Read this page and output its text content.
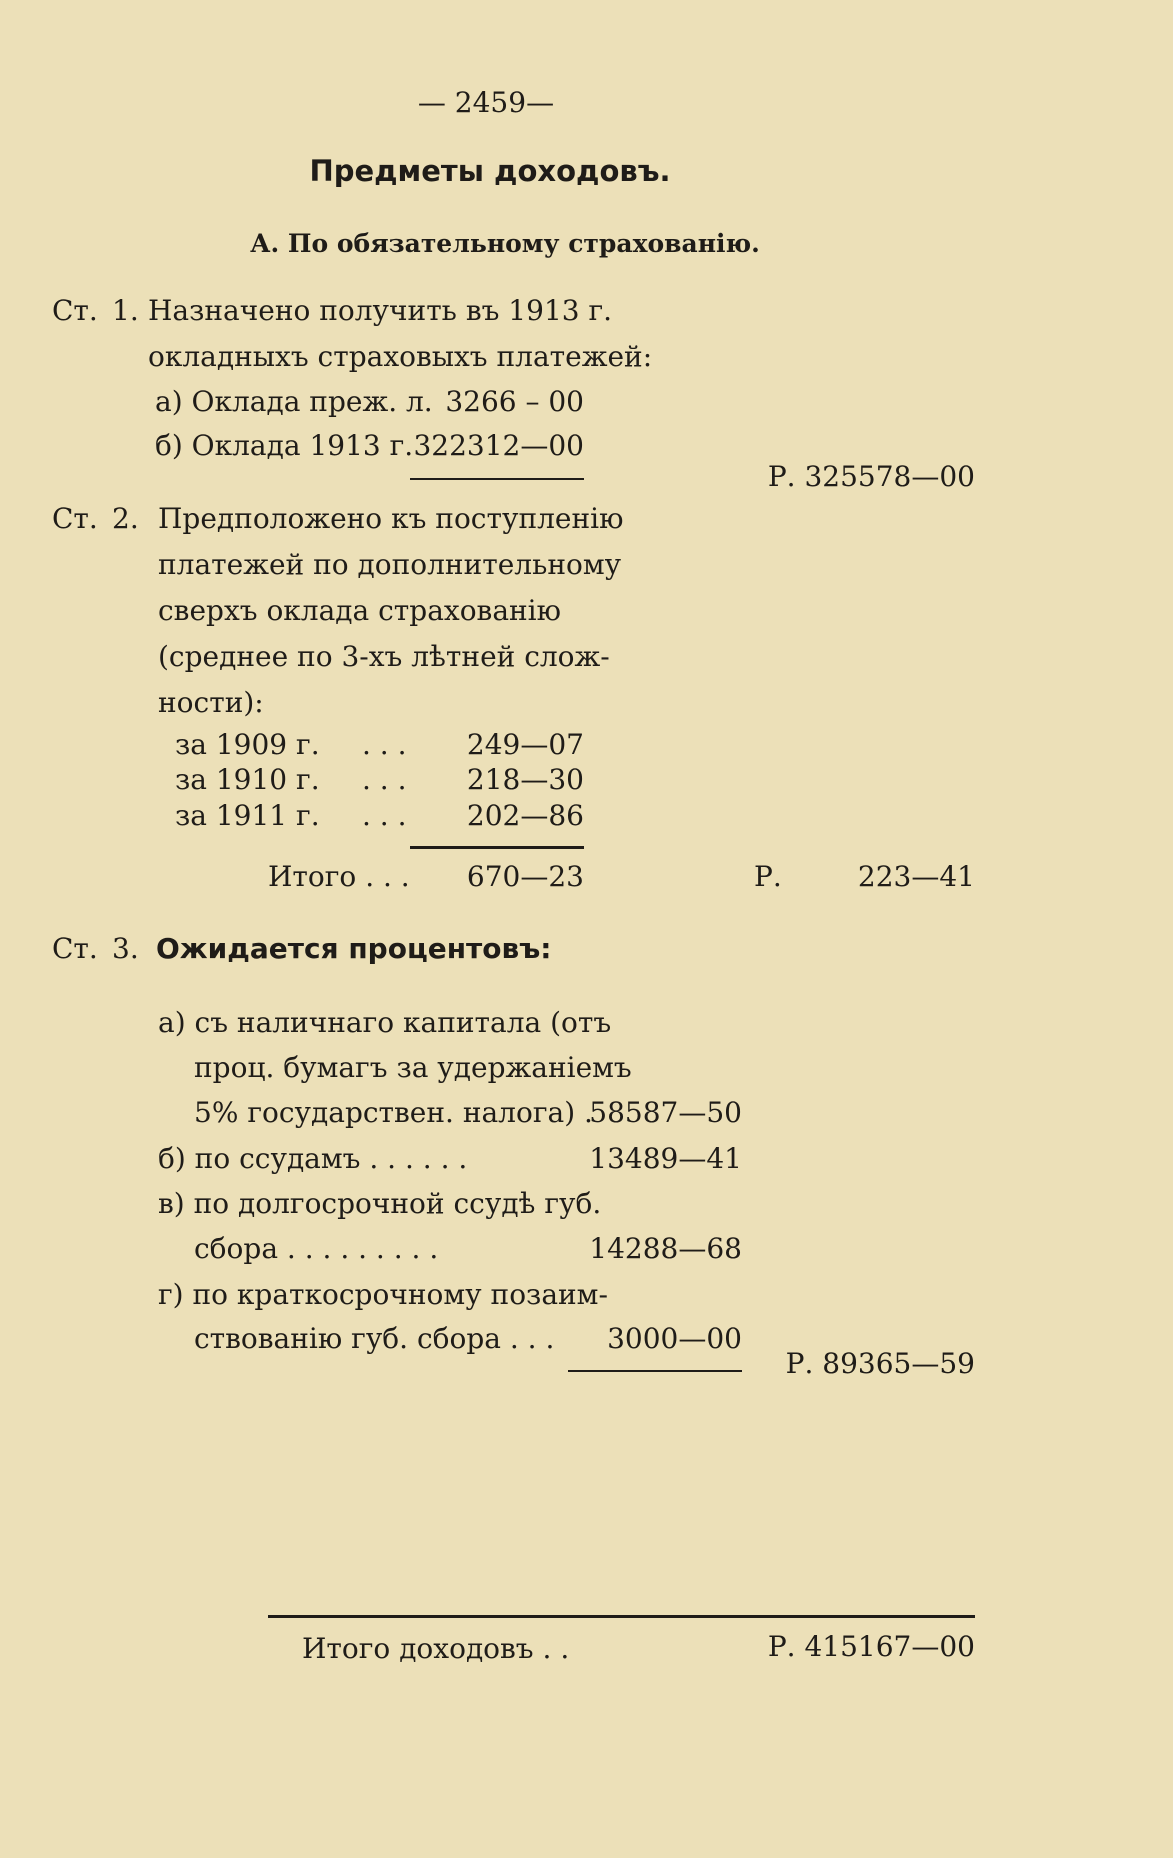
— 2459—
Предметы доходовъ.
А. По обязательному страхованію.
Ст. 1. Назначено получить въ 1913 г.
окладныхъ страховыхъ платежей:
а) Оклада преж. л. 3266 – 00
б) Оклада 1913 г. 322312—00
Р. 325578—00
Ст. 2. Предположено къ поступленію
платежей по дополнительному
сверхъ оклада страхованію
(среднее по 3-хъ лѣтней слож-
ности):
за 1909 г. . . .	249—07
за 1910 г. . . .	218—30
за 1911 г. . . .	202—86
Итого . . .	670—23	Р.	223—41
Ст. 3. Ожидается процентовъ:
а) съ наличнаго капитала (отъ
проц. бумагъ за удержаніемъ
5% государствен. налога) .
58587—50
б) по ссудамъ . . . . . .	13489—41
в) по долгосрочной ссудѣ губ.
сбора . . . . . . . . .	14288—68
г) по краткосрочному позаим-
ствованію губ. сбора . . .	3000—00
Р. 89365—59
Итого доходовъ . .	Р. 415167—00
